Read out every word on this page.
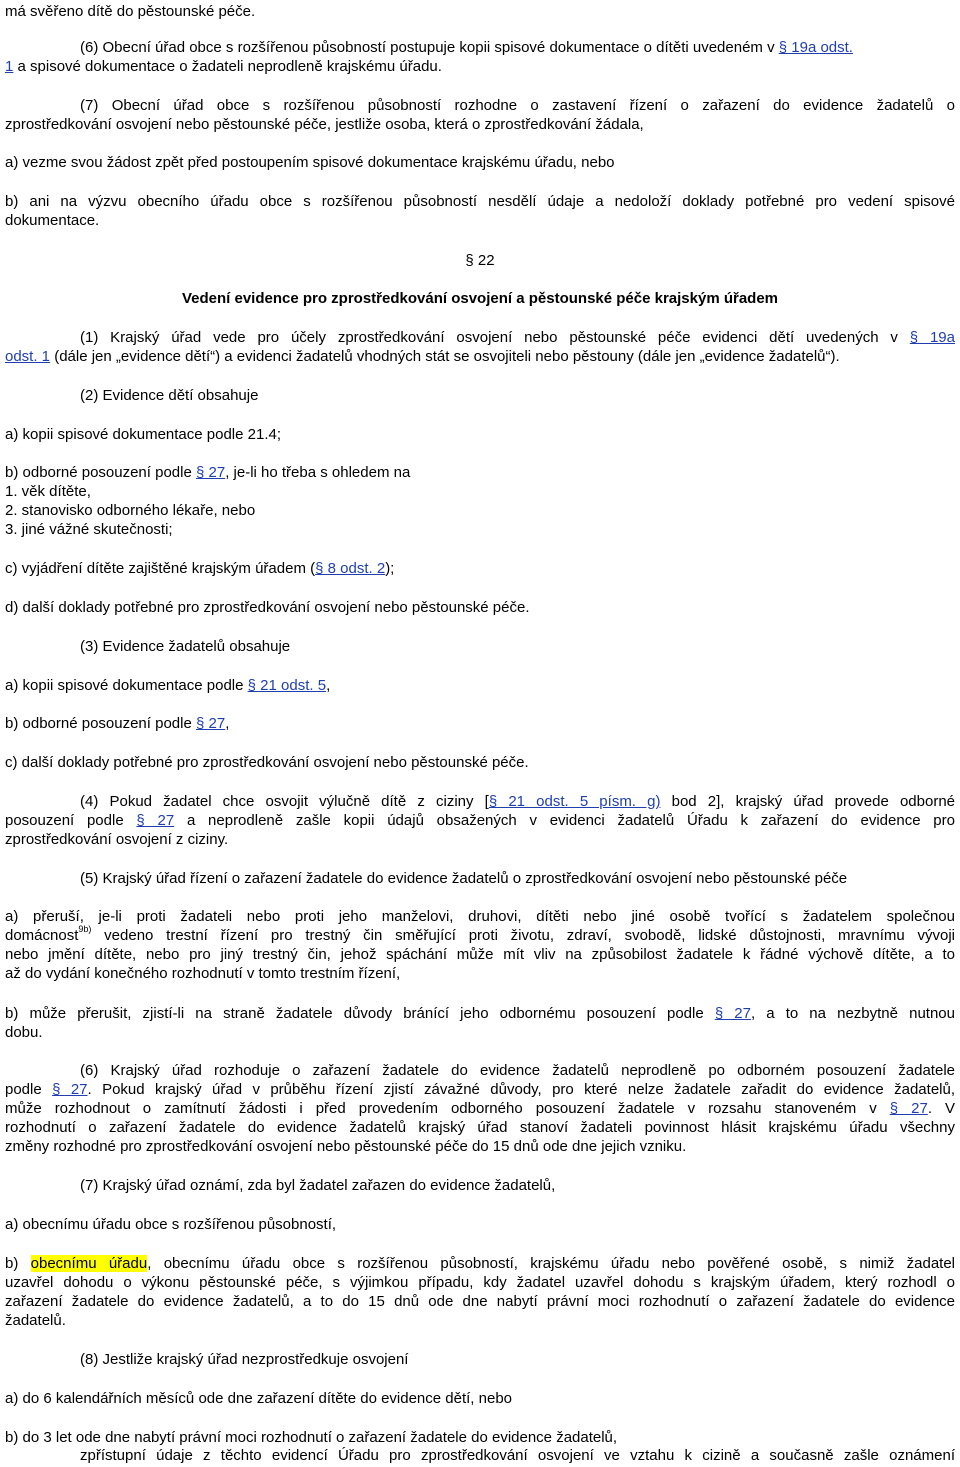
má svěřeno dítě do pěstounské péče.
(6) Obecní úřad obce s rozšířenou působností postupuje kopii spisové dokumentace o dítěti uvedeném v § 19a odst.
1 a spisové dokumentace o žadateli neprodleně krajskému úřadu.
(7) Obecní úřad obce s rozšířenou působností rozhodne o zastavení řízení o zařazení do evidence žadatelů o
zprostředkování osvojení nebo pěstounské péče, jestliže osoba, která o zprostředkování žádala,
a) vezme svou žádost zpět před postoupením spisové dokumentace krajskému úřadu, nebo
b) ani na výzvu obecního úřadu obce s rozšířenou působností nesdělí údaje a nedoloží doklady potřebné pro vedení spisové
dokumentace.
§ 22
Vedení evidence pro zprostředkování osvojení a pěstounské péče krajským úřadem
(1) Krajský úřad vede pro účely zprostředkování osvojení nebo pěstounské péče evidenci dětí uvedených v § 19a
odst. 1 (dále jen „evidence dětí“) a evidenci žadatelů vhodných stát se osvojiteli nebo pěstouny (dále jen „evidence žadatelů“).
(2) Evidence dětí obsahuje
a) kopii spisové dokumentace podle 21.4;
b) odborné posouzení podle § 27, je-li ho třeba s ohledem na
1. věk dítěte,
2. stanovisko odborného lékaře, nebo
3. jiné vážné skutečnosti;
c) vyjádření dítěte zajištěné krajským úřadem (§ 8 odst. 2);
d) další doklady potřebné pro zprostředkování osvojení nebo pěstounské péče.
(3) Evidence žadatelů obsahuje
a) kopii spisové dokumentace podle § 21 odst. 5,
b) odborné posouzení podle § 27,
c) další doklady potřebné pro zprostředkování osvojení nebo pěstounské péče.
(4) Pokud žadatel chce osvojit výlučně dítě z ciziny [§ 21 odst. 5 písm. g) bod 2], krajský úřad provede odborné
posouzení podle § 27 a neprodleně zašle kopii údajů obsažených v evidenci žadatelů Úřadu k zařazení do evidence pro
zprostředkování osvojení z ciziny.
(5) Krajský úřad řízení o zařazení žadatele do evidence žadatelů o zprostředkování osvojení nebo pěstounské péče
a) přeruší, je-li proti žadateli nebo proti jeho manželovi, druhovi, dítěti nebo jiné osobě tvořící s žadatelem společnou
domácnost$^{9b)}$ vedeno trestní řízení pro trestný čin směřující proti životu, zdraví, svobodě, lidské důstojnosti, mravnímu vývoji
nebo jmění dítěte, nebo pro jiný trestný čin, jehož spáchání může mít vliv na způsobilost žadatele k řádné výchově dítěte, a to
až do vydání konečného rozhodnutí v tomto trestním řízení,
b) může přerušit, zjistí-li na straně žadatele důvody bránící jeho odbornému posouzení podle § 27, a to na nezbytně nutnou
dobu.
(6) Krajský úřad rozhoduje o zařazení žadatele do evidence žadatelů neprodleně po odborném posouzení žadatele
podle § 27. Pokud krajský úřad v průběhu řízení zjistí závažné důvody, pro které nelze žadatele zařadit do evidence žadatelů,
může rozhodnout o zamítnutí žádosti i před provedením odborného posouzení žadatele v rozsahu stanoveném v § 27. V
rozhodnutí o zařazení žadatele do evidence žadatelů krajský úřad stanoví žadateli povinnost hlásit krajskému úřadu všechny
změny rozhodné pro zprostředkování osvojení nebo pěstounské péče do 15 dnů ode dne jejich vzniku.
(7) Krajský úřad oznámí, zda byl žadatel zařazen do evidence žadatelů,
a) obecnímu úřadu obce s rozšířenou působností,
b) obecnímu úřadu, obecnímu úřadu obce s rozšířenou působností, krajskému úřadu nebo pověřené osobě, s nimiž žadatel
uzavřel dohodu o výkonu pěstounské péče, s výjimkou případu, kdy žadatel uzavřel dohodu s krajským úřadem, který rozhodl o
zařazení žadatele do evidence žadatelů, a to do 15 dnů ode dne nabytí právní moci rozhodnutí o zařazení žadatele do evidence
žadatelů.
(8) Jestliže krajský úřad nezprostředkuje osvojení
a) do 6 kalendářních měsíců ode dne zařazení dítěte do evidence dětí, nebo
b) do 3 let ode dne nabytí právní moci rozhodnutí o zařazení žadatele do evidence žadatelů,
zpřístupní údaje z těchto evidencí Úřadu pro zprostředkování osvojení ve vztahu k cizině a současně zašle oznámení
